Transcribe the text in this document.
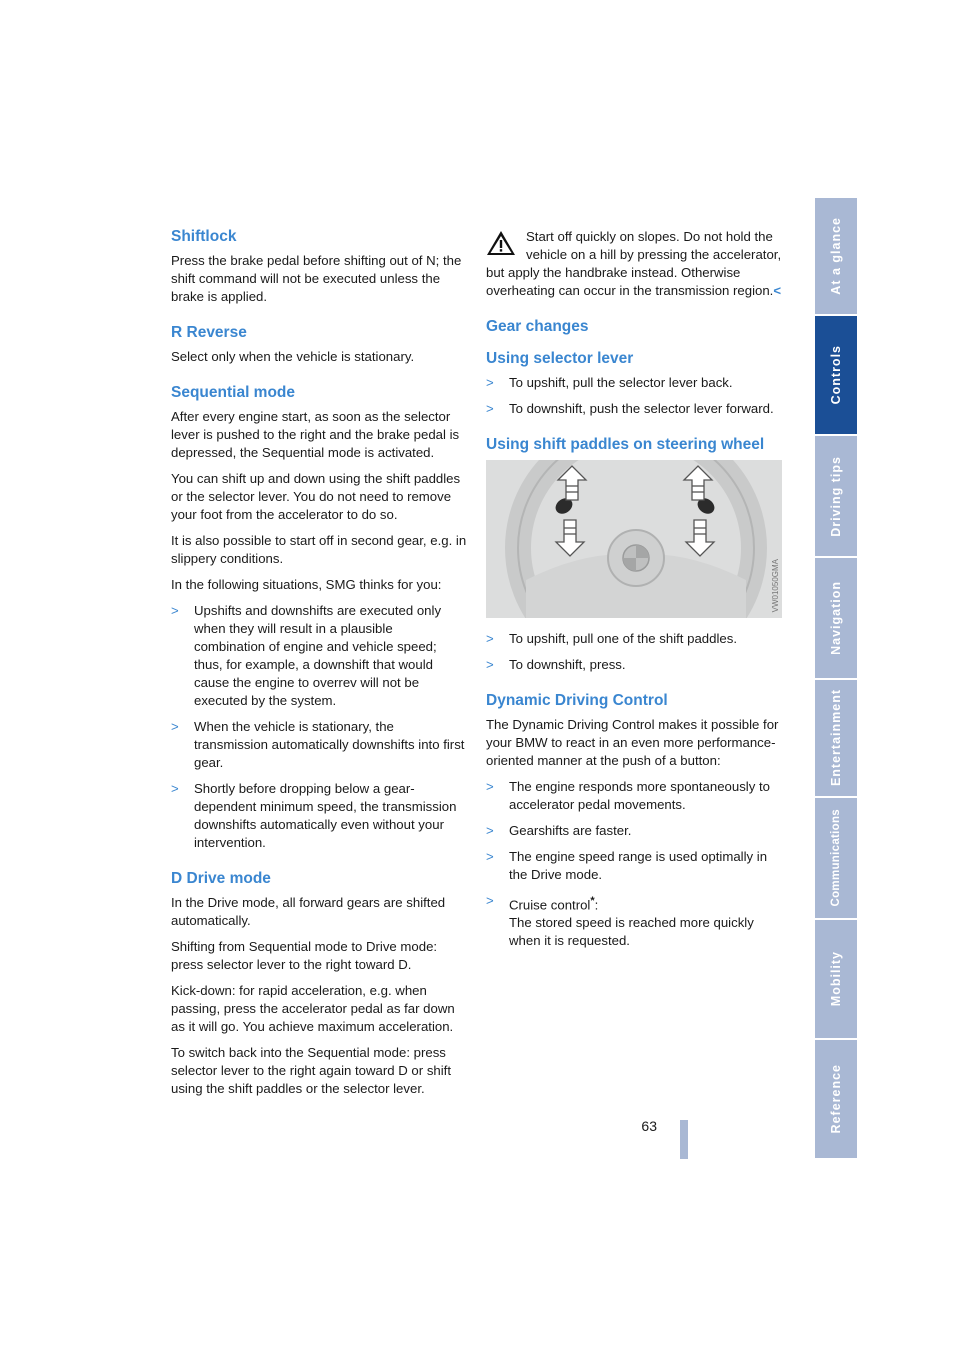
Shiftlock

Press the brake pedal before shifting out of N; the shift command will not be executed unless the brake is applied.

R Reverse

Select only when the vehicle is stationary.

Sequential mode

After every engine start, as soon as the selector lever is pushed to the right and the brake pedal is depressed, the Sequential mode is activated.

You can shift up and down using the shift paddles or the selector lever. You do not need to remove your foot from the accelerator to do so.

It is also possible to start off in second gear, e.g. in slippery conditions.

In the following situations, SMG thinks for you:

> Upshifts and downshifts are executed only when they will result in a plausible combination of engine and vehicle speed; thus, for example, a downshift that would cause the engine to overrev will not be executed by the system.
> When the vehicle is stationary, the transmission automatically downshifts into first gear.
> Shortly before dropping below a gear-dependent minimum speed, the transmission downshifts automatically even without your intervention.
D Drive mode

In the Drive mode, all forward gears are shifted automatically.

Shifting from Sequential mode to Drive mode: press selector lever to the right toward D.

Kick-down: for rapid acceleration, e.g. when passing, press the accelerator pedal as far down as it will go. You achieve maximum acceleration.

To switch back into the Sequential mode: press selector lever to the right again toward D or shift using the shift paddles or the selector lever.

Start off quickly on slopes. Do not hold the vehicle on a hill by pressing the accelerator, but apply the handbrake instead. Otherwise overheating can occur in the transmission region.<

Gear changes
Using selector lever
> To upshift, pull the selector lever back.
> To downshift, push the selector lever forward.
Using shift paddles on steering wheel
VW01050GMA
> To upshift, pull one of the shift paddles.
> To downshift, press.
Dynamic Driving Control

The Dynamic Driving Control makes it possible for your BMW to react in an even more performance-oriented manner at the push of a button:

> The engine responds more spontaneously to accelerator pedal movements.
> Gearshifts are faster.
> The engine speed range is used optimally in the Drive mode.
> Cruise control*:
The stored speed is reached more quickly when it is requested.
At a glance
Controls
Driving tips
Navigation
Entertainment
Communications
Mobility
Reference
63
